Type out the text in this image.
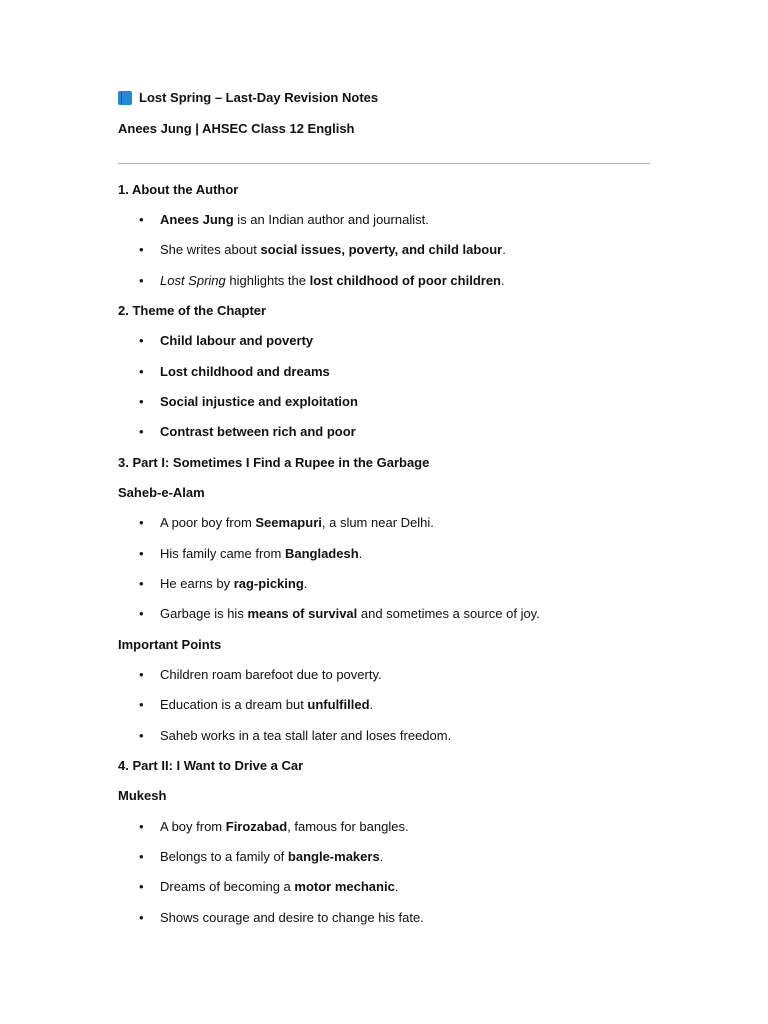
Lost Spring – Last-Day Revision Notes
Anees Jung | AHSEC Class 12 English
1. About the Author
• Anees Jung is an Indian author and journalist.
• She writes about social issues, poverty, and child labour.
• Lost Spring highlights the lost childhood of poor children.
2. Theme of the Chapter
• Child labour and poverty
• Lost childhood and dreams
• Social injustice and exploitation
• Contrast between rich and poor
3. Part I: Sometimes I Find a Rupee in the Garbage
Saheb-e-Alam
• A poor boy from Seemapuri, a slum near Delhi.
• His family came from Bangladesh.
• He earns by rag-picking.
• Garbage is his means of survival and sometimes a source of joy.
Important Points
• Children roam barefoot due to poverty.
• Education is a dream but unfulfilled.
• Saheb works in a tea stall later and loses freedom.
4. Part II: I Want to Drive a Car
Mukesh
• A boy from Firozabad, famous for bangles.
• Belongs to a family of bangle-makers.
• Dreams of becoming a motor mechanic.
• Shows courage and desire to change his fate.
